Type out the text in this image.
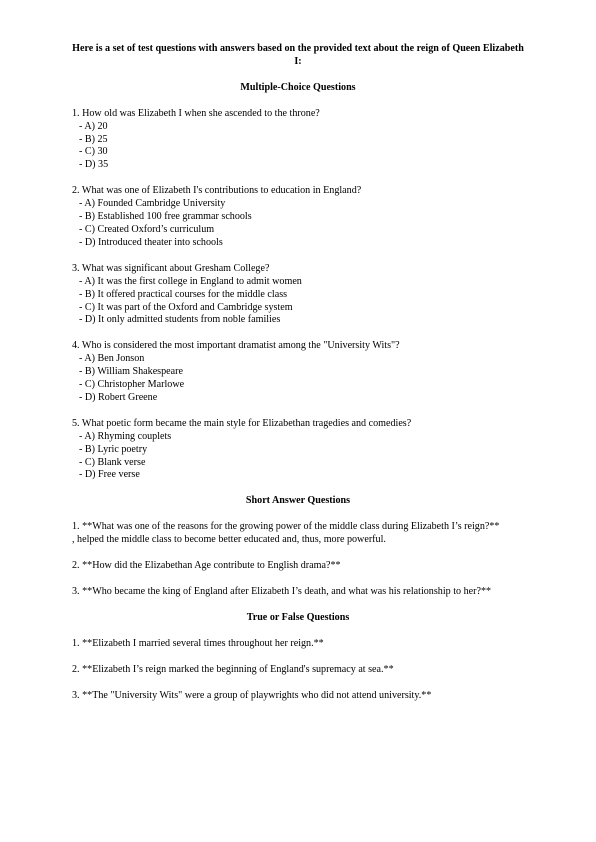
Here is a set of test questions with answers based on the provided text about the reign of Queen Elizabeth I:
Multiple-Choice Questions
1. How old was Elizabeth I when she ascended to the throne?
- A) 20
- B) 25
- C) 30
- D) 35
2. What was one of Elizabeth I's contributions to education in England?
- A) Founded Cambridge University
- B) Established 100 free grammar schools
- C) Created Oxford’s curriculum
- D) Introduced theater into schools
3. What was significant about Gresham College?
- A) It was the first college in England to admit women
- B) It offered practical courses for the middle class
- C) It was part of the Oxford and Cambridge system
- D) It only admitted students from noble families
4. Who is considered the most important dramatist among the "University Wits"?
- A) Ben Jonson
- B) William Shakespeare
- C) Christopher Marlowe
- D) Robert Greene
5. What poetic form became the main style for Elizabethan tragedies and comedies?
- A) Rhyming couplets
- B) Lyric poetry
- C) Blank verse
- D) Free verse
Short Answer Questions
1. **What was one of the reasons for the growing power of the middle class during Elizabeth I’s reign?**
, helped the middle class to become better educated and, thus, more powerful.
2. **How did the Elizabethan Age contribute to English drama?**
3. **Who became the king of England after Elizabeth I’s death, and what was his relationship to her?**
True or False Questions
1. **Elizabeth I married several times throughout her reign.**
2. **Elizabeth I’s reign marked the beginning of England's supremacy at sea.**
3. **The "University Wits" were a group of playwrights who did not attend university.**
